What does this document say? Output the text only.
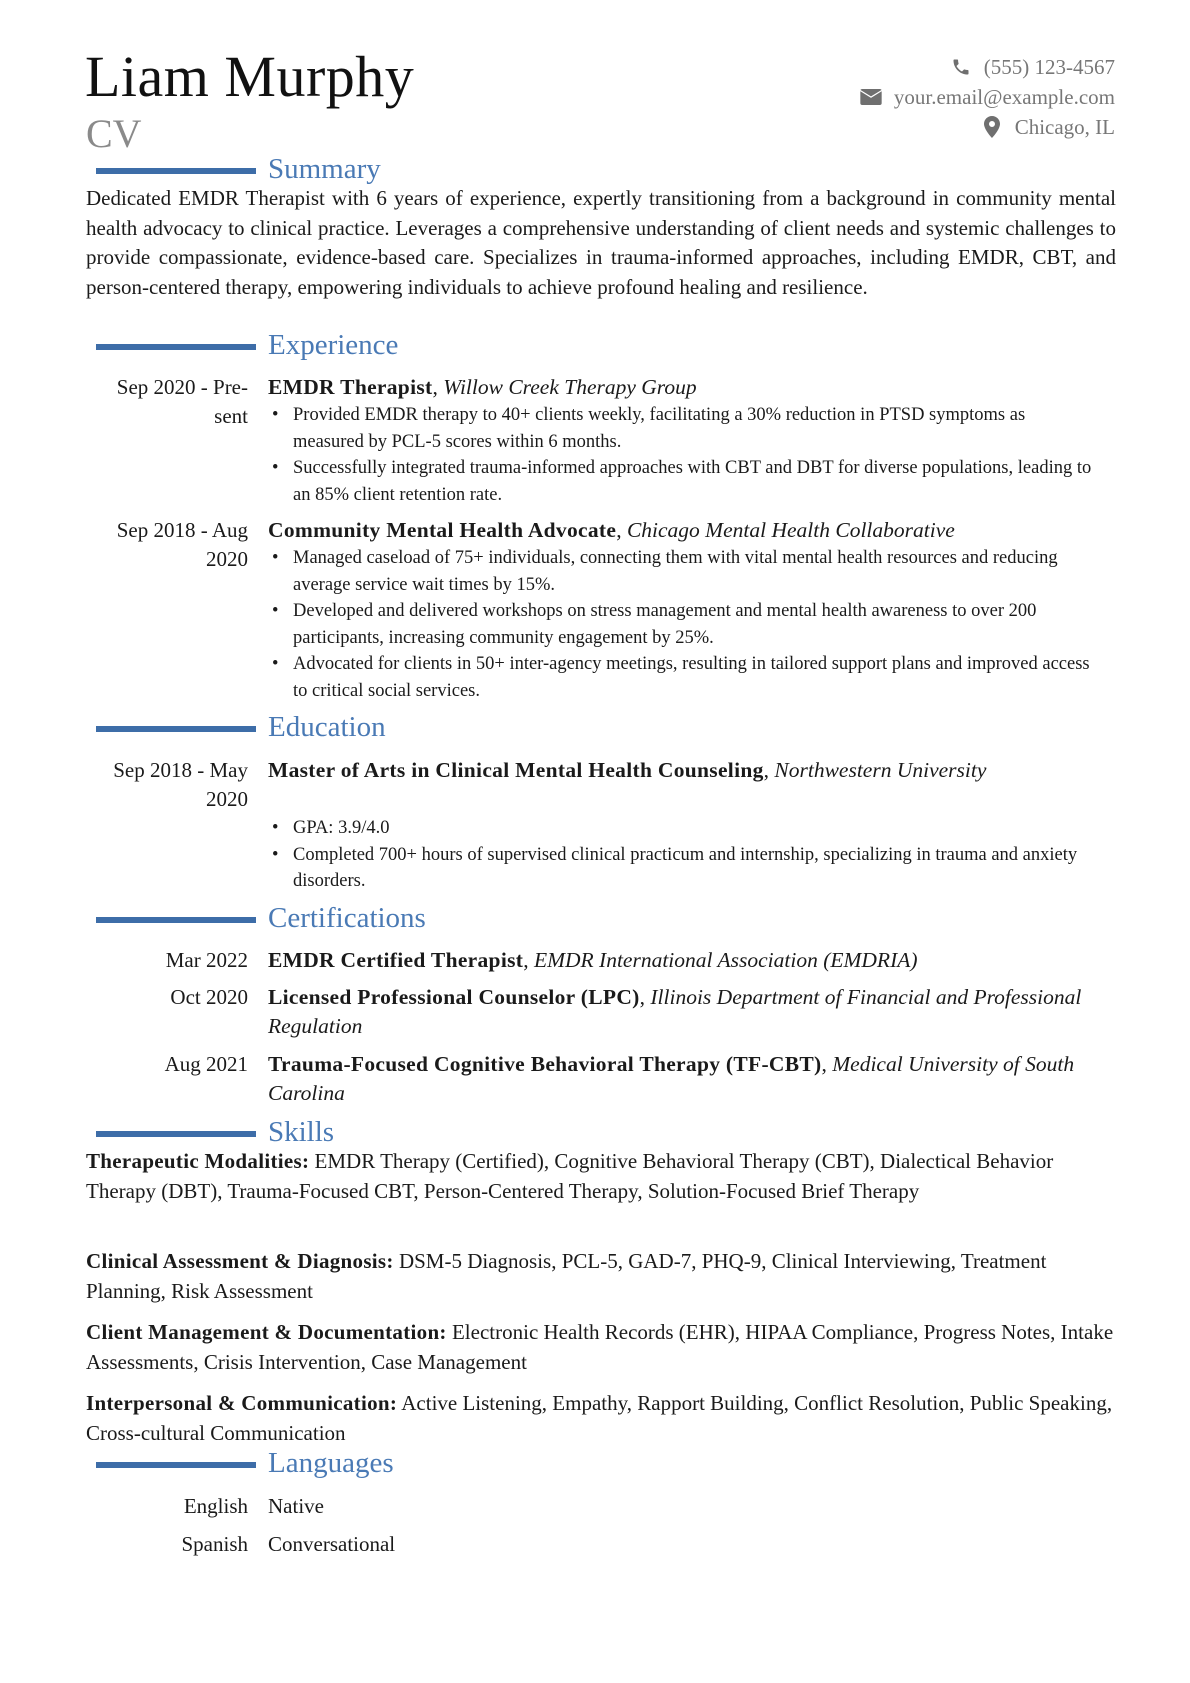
Liam Murphy
CV
(555) 123-4567
your.email@example.com
Chicago, IL
Summary
Dedicated EMDR Therapist with 6 years of experience, expertly transitioning from a background in community mental health advocacy to clinical practice. Leverages a comprehensive understanding of client needs and systemic challenges to provide compassionate, evidence-based care. Specializes in trauma-informed approaches, including EMDR, CBT, and person-centered therapy, empowering individuals to achieve profound healing and resilience.
Experience
Sep 2020 - Pre-
sent
EMDR Therapist, Willow Creek Therapy Group
• Provided EMDR therapy to 40+ clients weekly, facilitating a 30% reduction in PTSD symptoms as measured by PCL-5 scores within 6 months.
• Successfully integrated trauma-informed approaches with CBT and DBT for diverse populations, leading to an 85% client retention rate.
Sep 2018 - Aug
2020
Community Mental Health Advocate, Chicago Mental Health Collaborative
• Managed caseload of 75+ individuals, connecting them with vital mental health resources and reducing average service wait times by 15%.
• Developed and delivered workshops on stress management and mental health awareness to over 200 participants, increasing community engagement by 25%.
• Advocated for clients in 50+ inter-agency meetings, resulting in tailored support plans and improved access to critical social services.
Education
Sep 2018 - May
2020
Master of Arts in Clinical Mental Health Counseling, Northwestern University
• GPA: 3.9/4.0
• Completed 700+ hours of supervised clinical practicum and internship, specializing in trauma and anxiety disorders.
Certifications
Mar 2022 EMDR Certified Therapist, EMDR International Association (EMDRIA)
Oct 2020 Licensed Professional Counselor (LPC), Illinois Department of Financial and Professional Regulation
Aug 2021 Trauma-Focused Cognitive Behavioral Therapy (TF-CBT), Medical University of South Carolina
Skills
Therapeutic Modalities: EMDR Therapy (Certified), Cognitive Behavioral Therapy (CBT), Dialectical Behavior Therapy (DBT), Trauma-Focused CBT, Person-Centered Therapy, Solution-Focused Brief Therapy
Clinical Assessment & Diagnosis: DSM-5 Diagnosis, PCL-5, GAD-7, PHQ-9, Clinical Interviewing, Treatment Planning, Risk Assessment
Client Management & Documentation: Electronic Health Records (EHR), HIPAA Compliance, Progress Notes, Intake Assessments, Crisis Intervention, Case Management
Interpersonal & Communication: Active Listening, Empathy, Rapport Building, Conflict Resolution, Public Speaking, Cross-cultural Communication
Languages
English Native
Spanish Conversational
